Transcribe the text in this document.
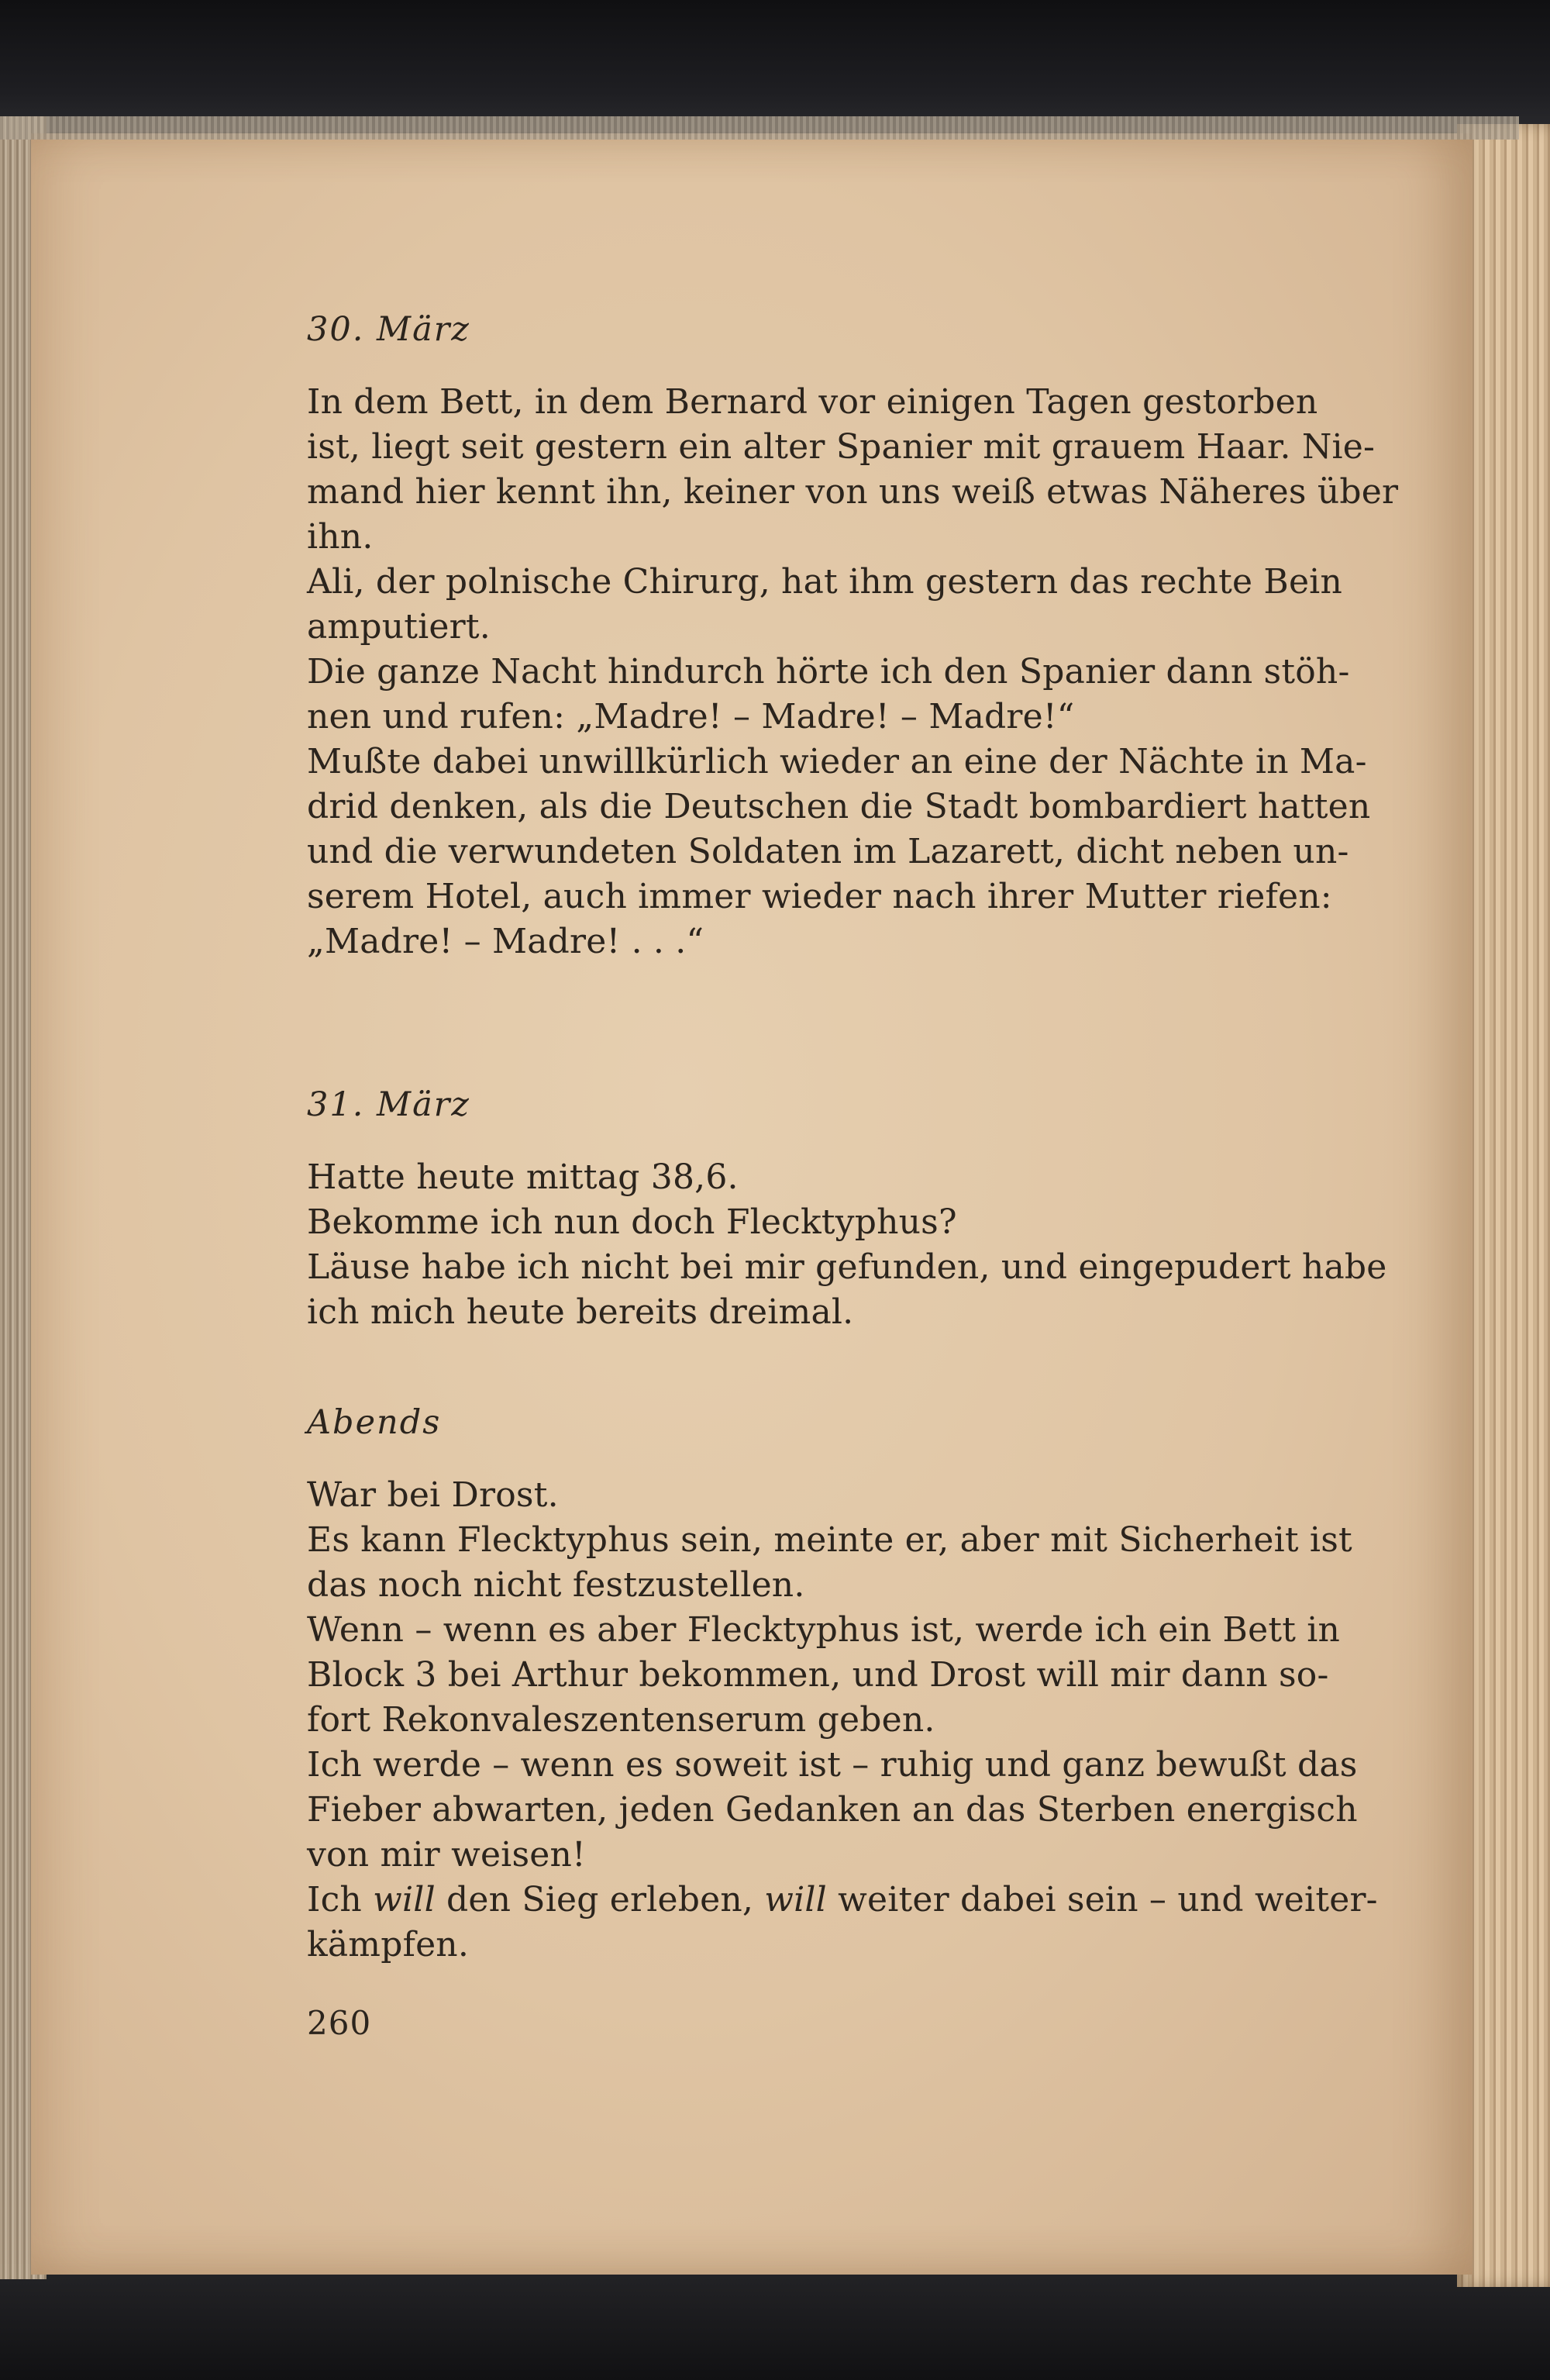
30. März
In dem Bett, in dem Bernard vor einigen Tagen gestorben
ist, liegt seit gestern ein alter Spanier mit grauem Haar. Nie-
mand hier kennt ihn, keiner von uns weiß etwas Näheres über
ihn.
Ali, der polnische Chirurg, hat ihm gestern das rechte Bein
amputiert.
Die ganze Nacht hindurch hörte ich den Spanier dann stöh-
nen und rufen: „Madre! – Madre! – Madre!“
Mußte dabei unwillkürlich wieder an eine der Nächte in Ma-
drid denken, als die Deutschen die Stadt bombardiert hatten
und die verwundeten Soldaten im Lazarett, dicht neben un-
serem Hotel, auch immer wieder nach ihrer Mutter riefen:
„Madre! – Madre! . . .“
31. März
Hatte heute mittag 38,6.
Bekomme ich nun doch Flecktyphus?
Läuse habe ich nicht bei mir gefunden, und eingepudert habe
ich mich heute bereits dreimal.
Abends
War bei Drost.
Es kann Flecktyphus sein, meinte er, aber mit Sicherheit ist
das noch nicht festzustellen.
Wenn – wenn es aber Flecktyphus ist, werde ich ein Bett in
Block 3 bei Arthur bekommen, und Drost will mir dann so-
fort Rekonvaleszentenserum geben.
Ich werde – wenn es soweit ist – ruhig und ganz bewußt das
Fieber abwarten, jeden Gedanken an das Sterben energisch
von mir weisen!
Ich will den Sieg erleben, will weiter dabei sein – und weiter-
kämpfen.
260
